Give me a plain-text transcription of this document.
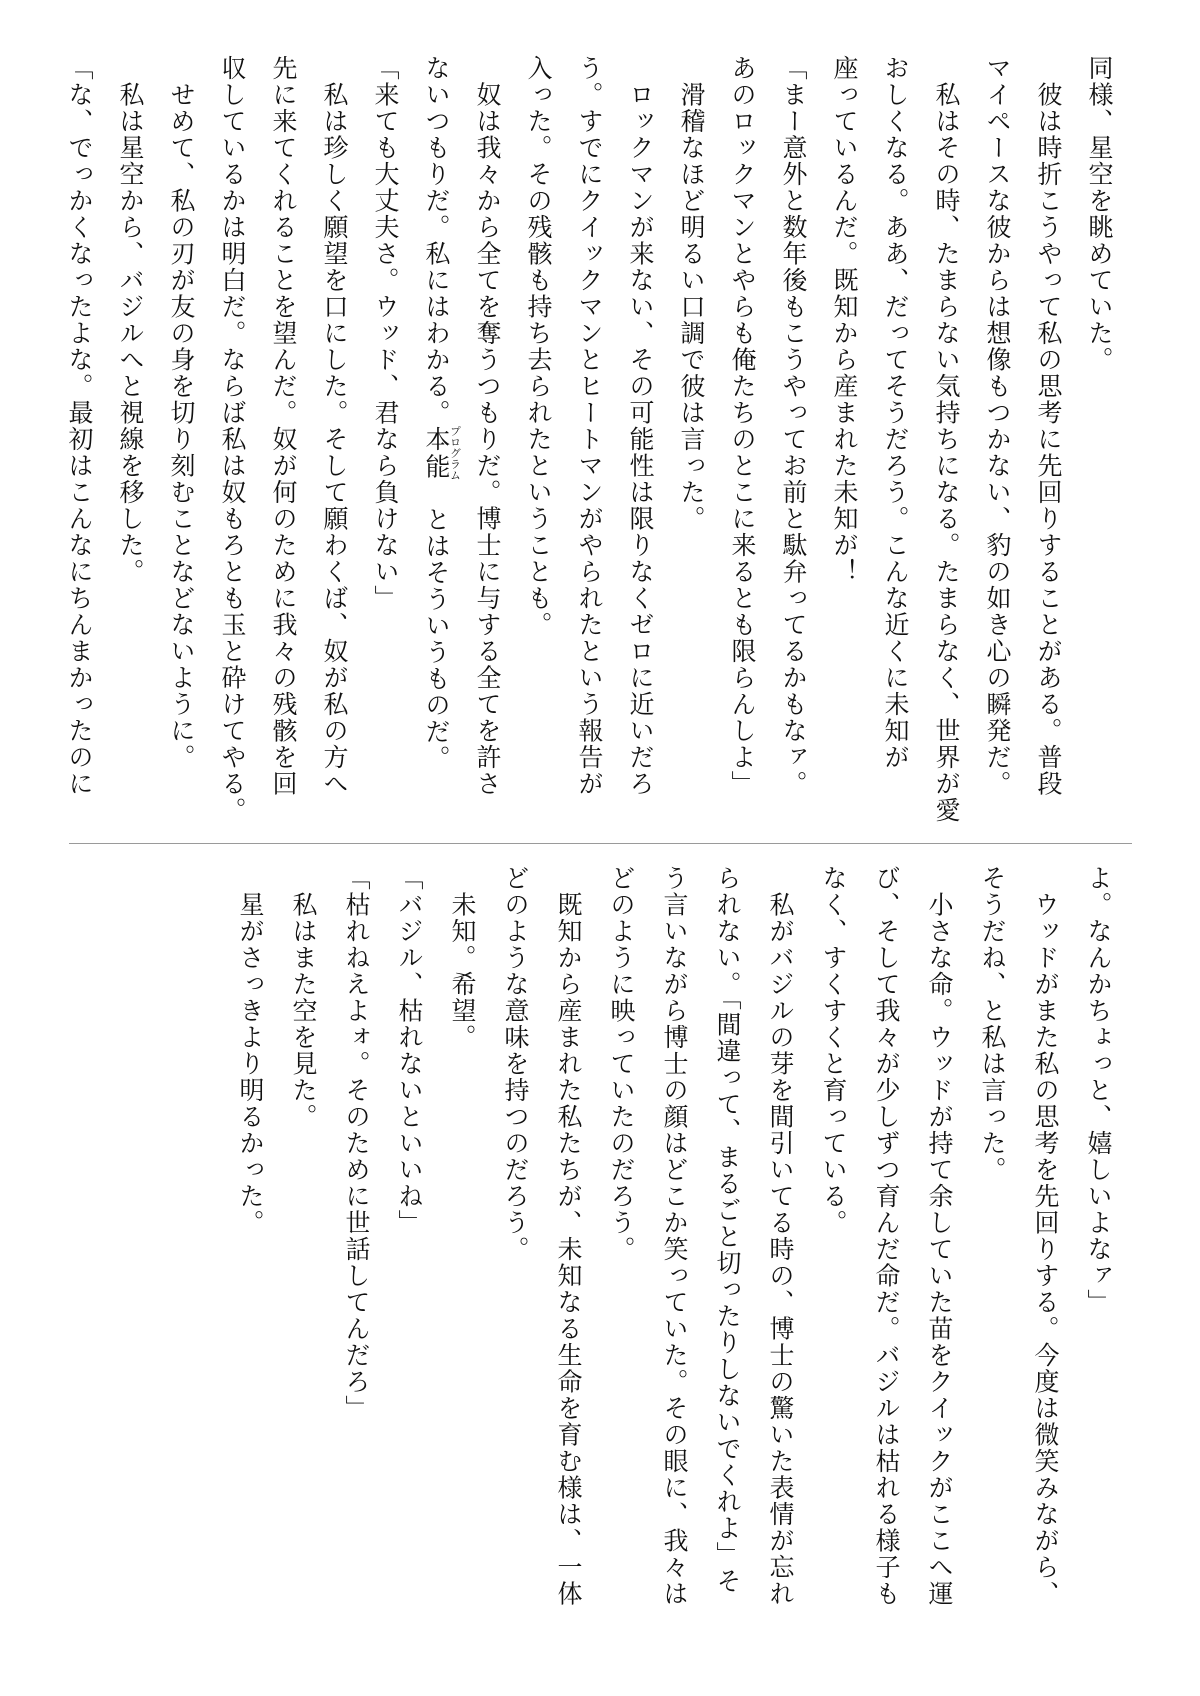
同様、星空を眺めていた。

　彼は時折こうやって私の思考に先回りすることがある。普段

マイペースな彼からは想像もつかない、豹の如き心の瞬発だ。

　私はその時、たまらない気持ちになる。たまらなく、世界が愛

おしくなる。ああ、だってそうだろう。こんな近くに未知が

座っているんだ。既知から産まれた未知が！

「まー意外と数年後もこうやってお前と駄弁ってるかもなァ。

あのロックマンとやらも俺たちのとこに来るとも限らんしよ」

　滑稽なほど明るい口調で彼は言った。

　ロックマンが来ない、その可能性は限りなくゼロに近いだろ

う。すでにクイックマンとヒートマンがやられたという報告が

入った。その残骸も持ち去られたということも。

　奴は我々から全てを奪うつもりだ。博士に与する全てを許さ

ないつもりだ。私にはわかる。本能 プログラム　とはそういうものだ。

「来ても大丈夫さ。ウッド、君なら負けない」

　私は珍しく願望を口にした。そして願わくば、奴が私の方へ

先に来てくれることを望んだ。奴が何のために我々の残骸を回

収しているかは明白だ。ならば私は奴もろとも玉と砕けてやる。

　せめて、私の刃が友の身を切り刻むことなどないように。

　私は星空から、バジルへと視線を移した。

「な、でっかくなったよな。最初はこんなにちんまかったのに

よ。なんかちょっと、嬉しいよなァ」

　ウッドがまた私の思考を先回りする。今度は微笑みながら、

そうだね、と私は言った。

　小さな命。ウッドが持て余していた苗をクイックがここへ運

び、そして我々が少しずつ育んだ命だ。バジルは枯れる様子も

なく、すくすくと育っている。

　私がバジルの芽を間引いてる時の、博士の驚いた表情が忘れ

られない。「間違って、まるごと切ったりしないでくれよ」そ

う言いながら博士の顔はどこか笑っていた。その眼に、我々は

どのように映っていたのだろう。

　既知から産まれた私たちが、未知なる生命を育む様は、一体

どのような意味を持つのだろう。

　未知。希望。

「バジル、枯れないといいね」

「枯れねえよォ。そのために世話してんだろ」

　私はまた空を見た。

　星がさっきより明るかった。
